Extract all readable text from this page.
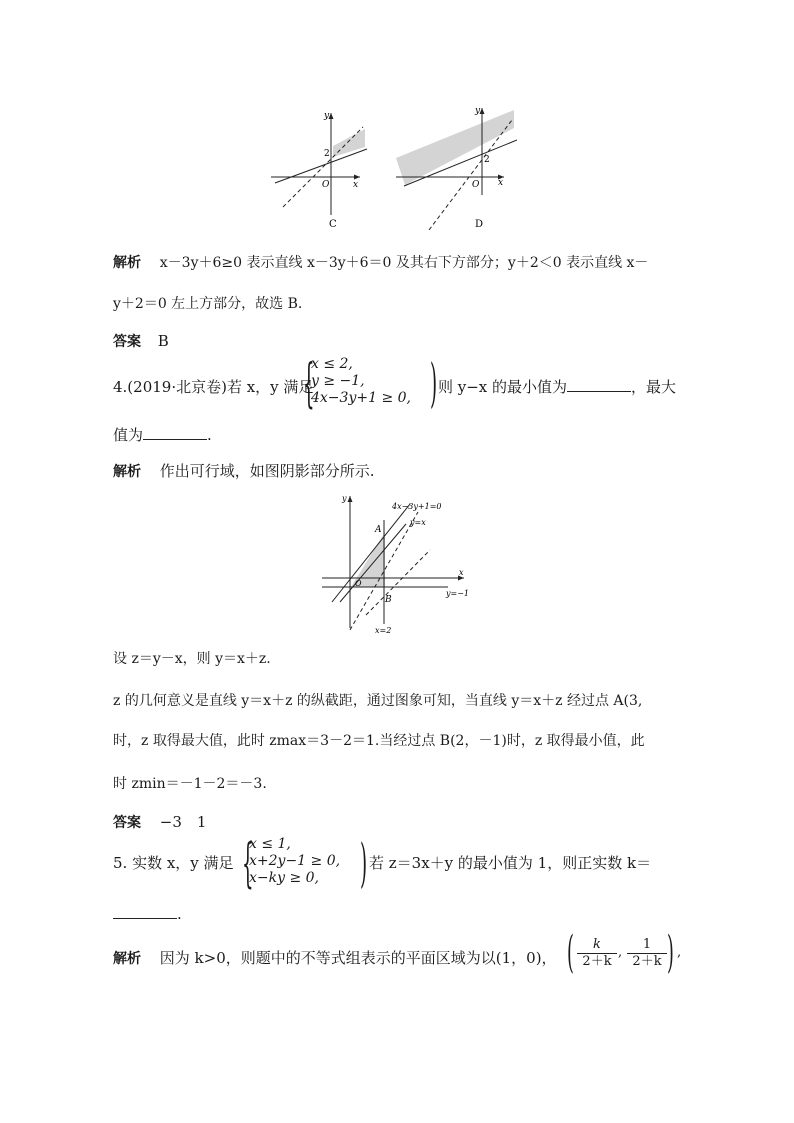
y
x
O
2
C
y
x
O
2
D
解析 x－3y＋6≥0 表示直线 x－3y＋6＝0 及其右下方部分；y＋2＜0 表示直线 x－
y＋2＝0 左上方部分，故选 B.
答案 B
4.(2019·北京卷)若 x，y 满足
{
x ≤ 2,
y ≥ −1,
4x−3y+1 ≥ 0, ) 则 y−x 的最小值为	，最大
值为	.
解析 作出可行域，如图阴影部分所示.
y
x
O
4x−3y+1=0
y=x
y=−1
x=2
A
B
设 z＝y－x，则 y＝x＋z.
z 的几何意义是直线 y＝x＋z 的纵截距，通过图象可知，当直线 y＝x＋z 经过点 A(3,
时，z 取得最大值，此时 zmax＝3－2＝1.当经过点 B(2，－1)时，z 取得最小值，此
时 zmin＝－1－2＝－3.
答案 −3　1
5. 实数 x，y 满足 {
x ≤ 1,
x+2y−1 ≥ 0,
x−ky ≥ 0, ) 若 z＝3x＋y 的最小值为 1，则正实数 k＝
.
解析 因为 k>0，则题中的不等式组表示的平面区域为以(1，0)， ( $\frac{k}{2+k}$ , $\frac{1}{2+k}$ ) ,
